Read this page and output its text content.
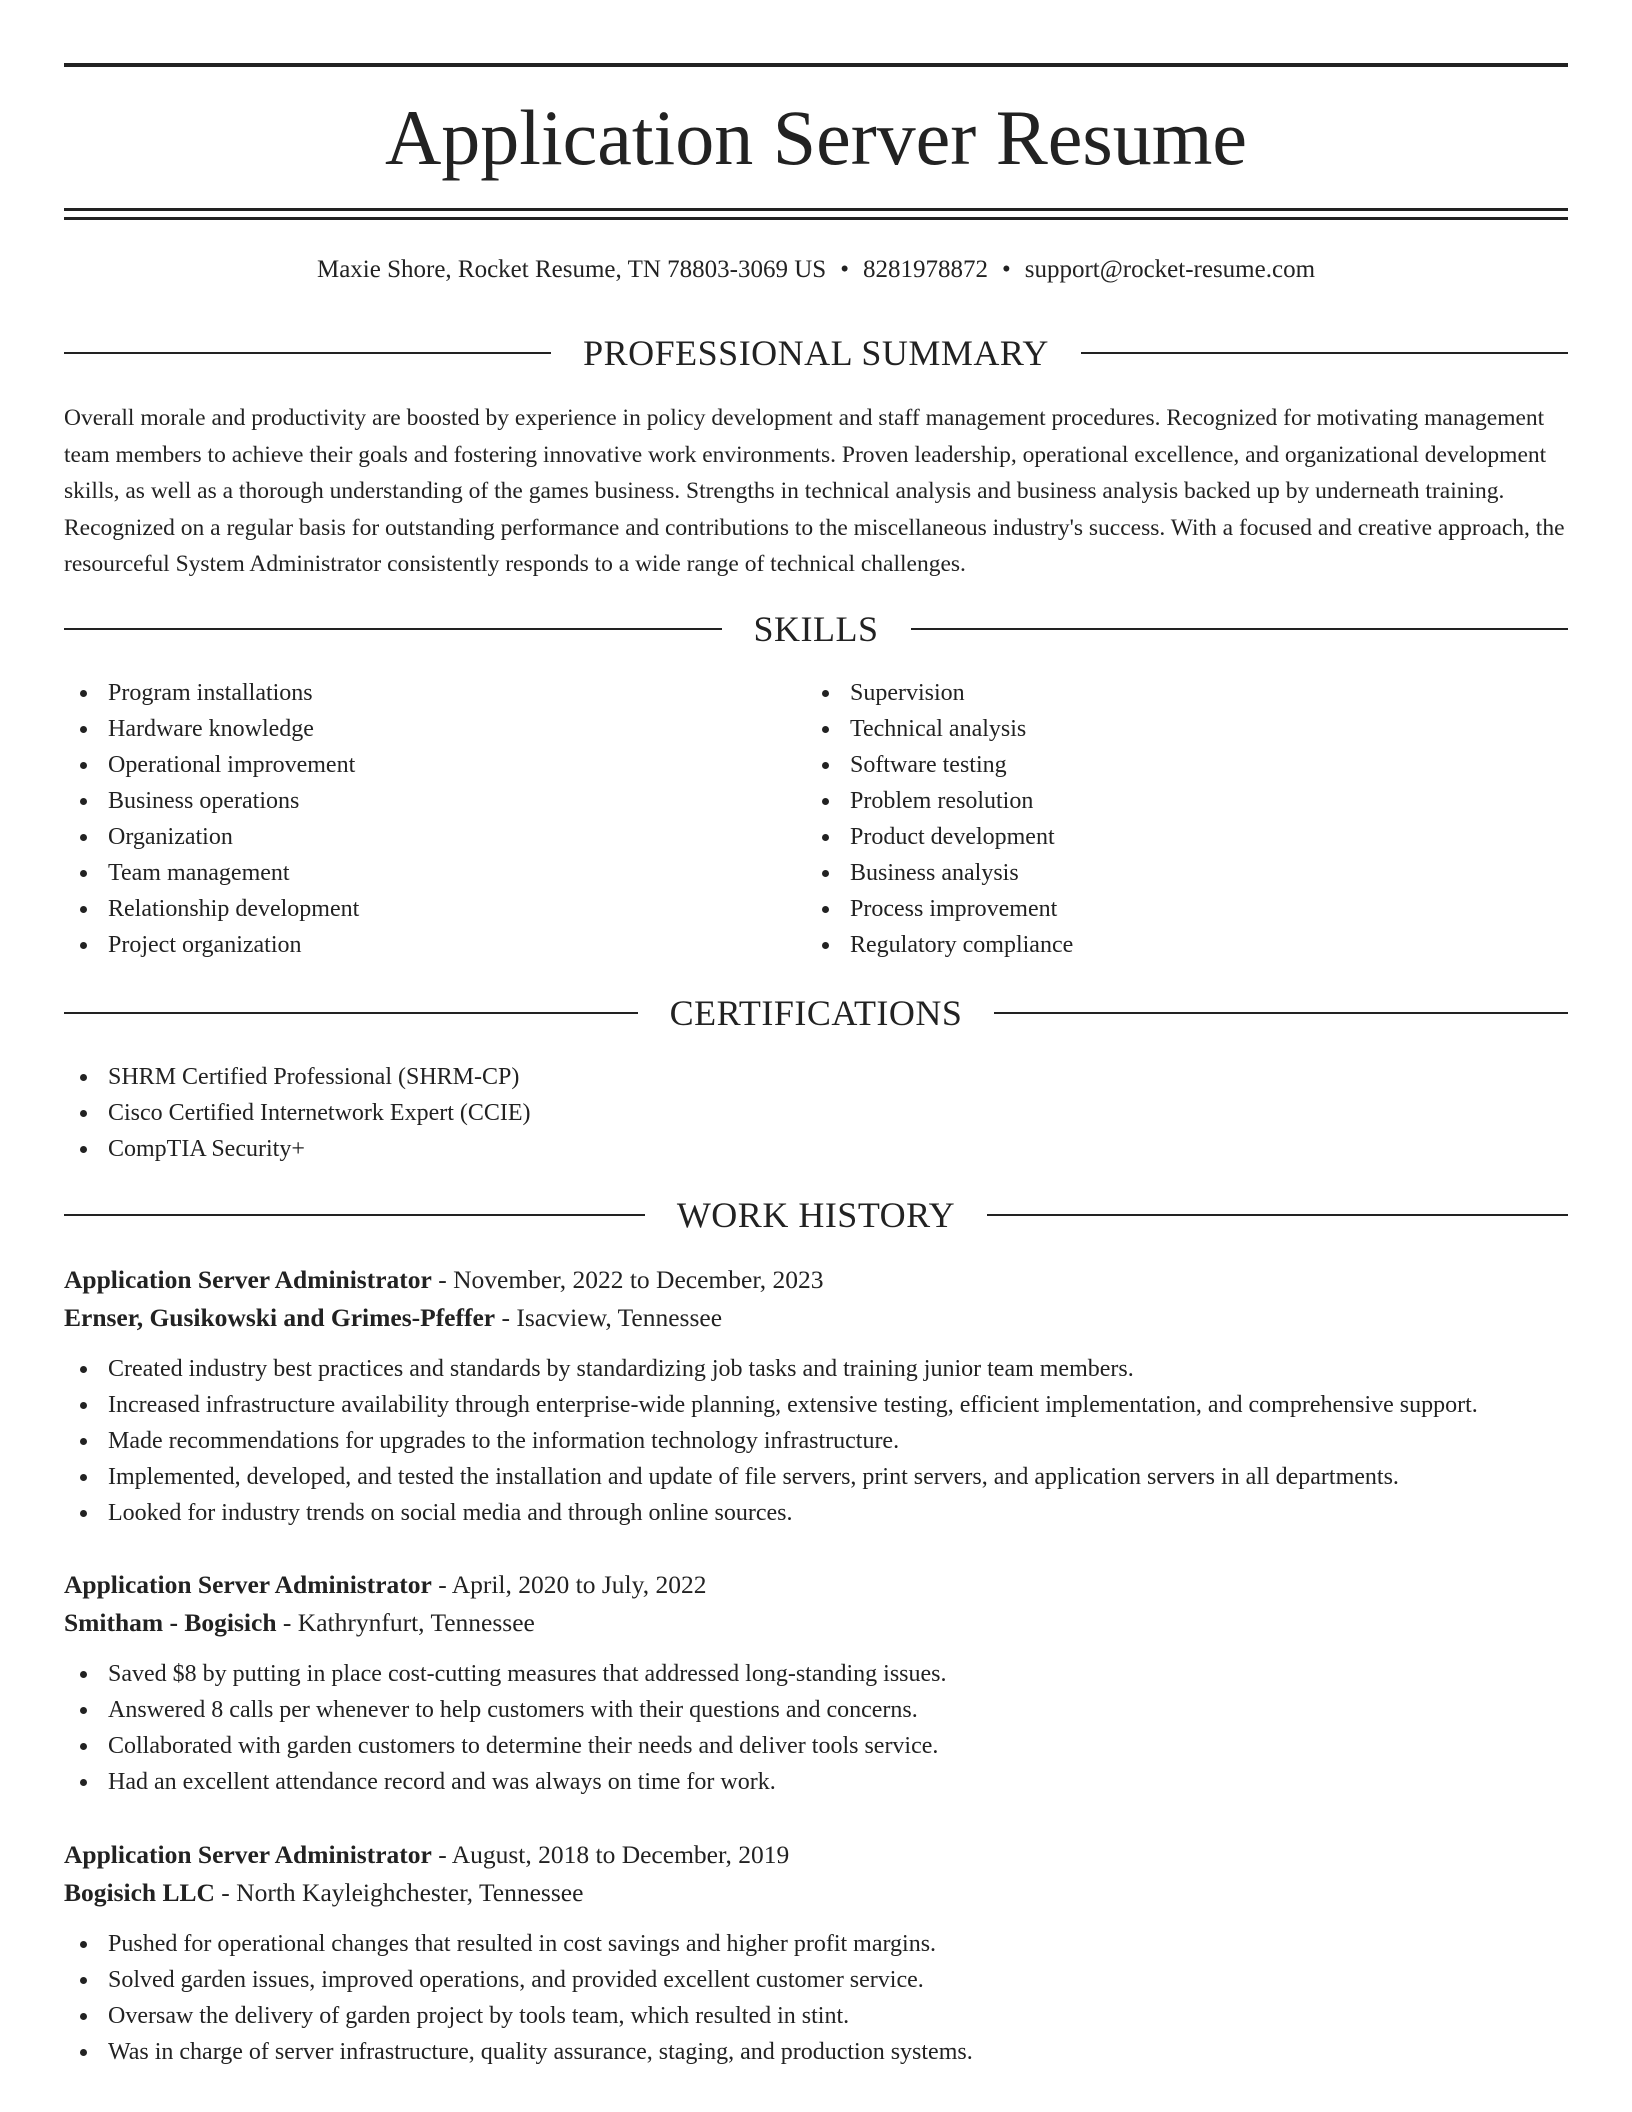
Application Server Resume
Maxie Shore, Rocket Resume, TN 78803-3069 US • 8281978872 • support@rocket-resume.com
PROFESSIONAL SUMMARY

Overall morale and productivity are boosted by experience in policy development and staff management procedures. Recognized for motivating management team members to achieve their goals and fostering innovative work environments. Proven leadership, operational excellence, and organizational development skills, as well as a thorough understanding of the games business. Strengths in technical analysis and business analysis backed up by underneath training. Recognized on a regular basis for outstanding performance and contributions to the miscellaneous industry's success. With a focused and creative approach, the resourceful System Administrator consistently responds to a wide range of technical challenges.

SKILLS
Program installations
Hardware knowledge
Operational improvement
Business operations
Organization
Team management
Relationship development
Project organization
Supervision
Technical analysis
Software testing
Problem resolution
Product development
Business analysis
Process improvement
Regulatory compliance
CERTIFICATIONS
SHRM Certified Professional (SHRM-CP)
Cisco Certified Internetwork Expert (CCIE)
CompTIA Security+
WORK HISTORY
Application Server Administrator - November, 2022 to December, 2023
Ernser, Gusikowski and Grimes-Pfeffer - Isacview, Tennessee
Created industry best practices and standards by standardizing job tasks and training junior team members.
Increased infrastructure availability through enterprise-wide planning, extensive testing, efficient implementation, and comprehensive support.
Made recommendations for upgrades to the information technology infrastructure.
Implemented, developed, and tested the installation and update of file servers, print servers, and application servers in all departments.
Looked for industry trends on social media and through online sources.
Application Server Administrator - April, 2020 to July, 2022
Smitham - Bogisich - Kathrynfurt, Tennessee
Saved $8 by putting in place cost-cutting measures that addressed long-standing issues.
Answered 8 calls per whenever to help customers with their questions and concerns.
Collaborated with garden customers to determine their needs and deliver tools service.
Had an excellent attendance record and was always on time for work.
Application Server Administrator - August, 2018 to December, 2019
Bogisich LLC - North Kayleighchester, Tennessee
Pushed for operational changes that resulted in cost savings and higher profit margins.
Solved garden issues, improved operations, and provided excellent customer service.
Oversaw the delivery of garden project by tools team, which resulted in stint.
Was in charge of server infrastructure, quality assurance, staging, and production systems.
